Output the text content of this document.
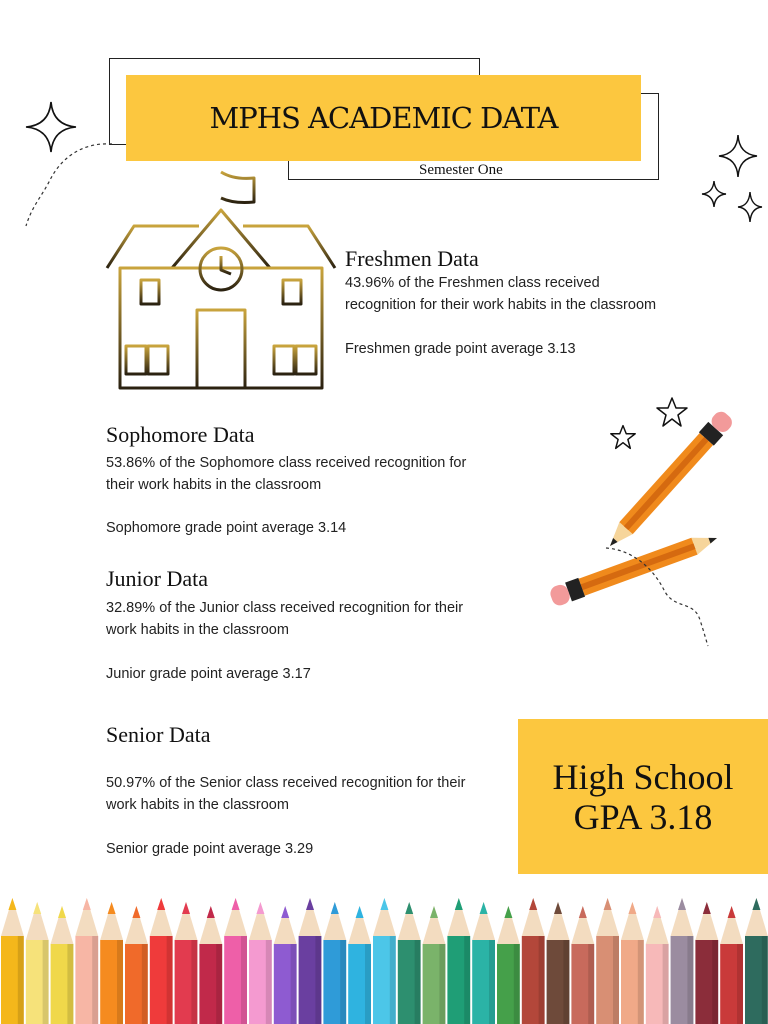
MPHS ACADEMIC DATA
Semester One
Freshmen Data
43.96% of the Freshmen class received
recognition for their work habits in the classroom
Freshmen grade point average 3.13
Sophomore Data
53.86% of the Sophomore class received recognition for
their work habits in the classroom
Sophomore grade point average 3.14
Junior Data
32.89% of the Junior class received recognition for their
work habits in the classroom
Junior grade point average 3.17
Senior Data
50.97% of the Senior class received recognition for their
work habits in the classroom
Senior grade point average 3.29
High School
GPA 3.18
